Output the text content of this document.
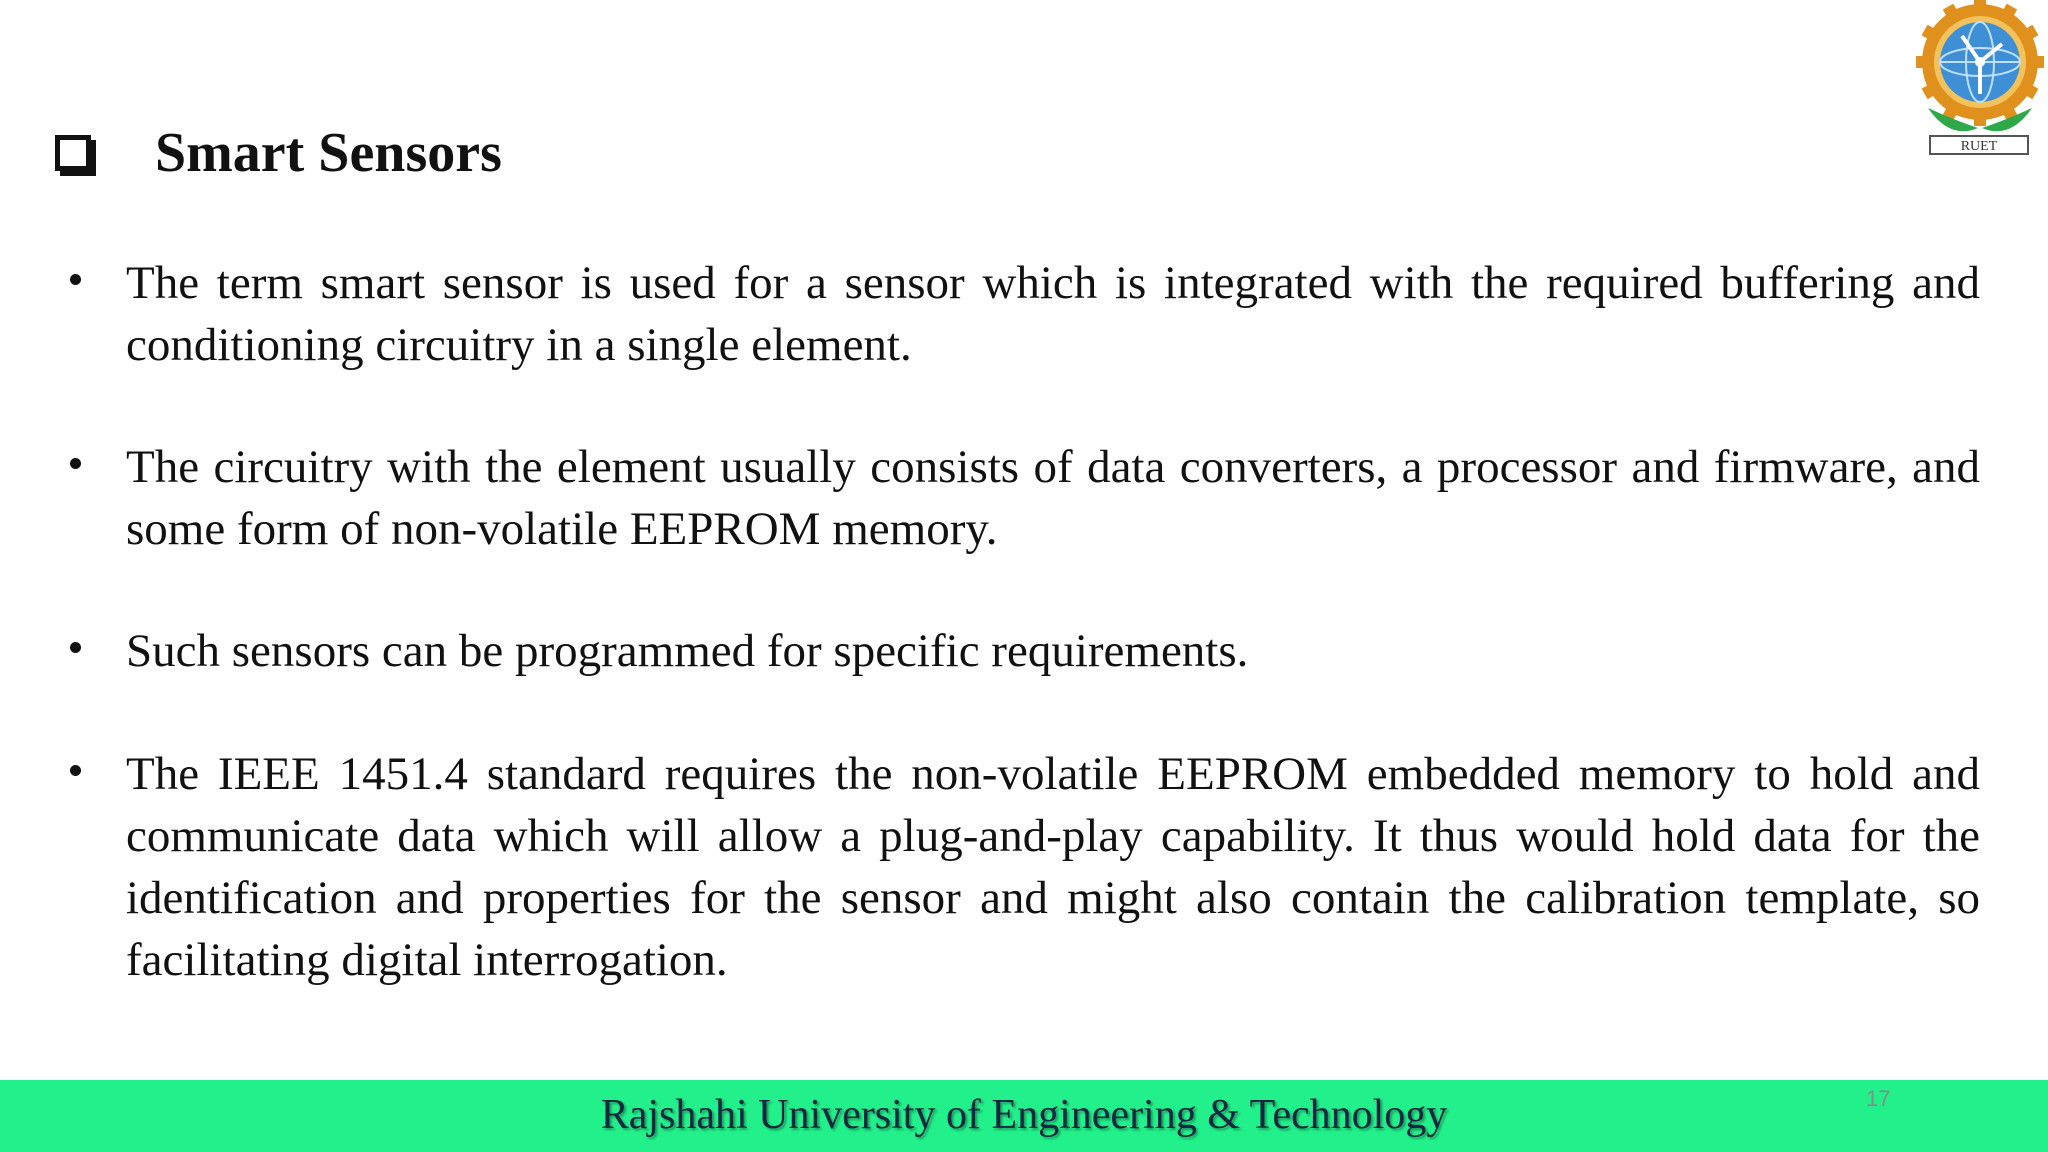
RUET
Smart Sensors
The term smart sensor is used for a sensor which is integrated with the required buffering and conditioning circuitry in a single element.
The circuitry with the element usually consists of data converters, a processor and firmware, and some form of non-volatile EEPROM memory.
Such sensors can be programmed for specific requirements.
The IEEE 1451.4 standard requires the non-volatile EEPROM embedded memory to hold and communicate data which will allow a plug-and-play capability. It thus would hold data for the identification and properties for the sensor and might also contain the calibration template, so facilitating digital interrogation.
17
Rajshahi University of Engineering & Technology
